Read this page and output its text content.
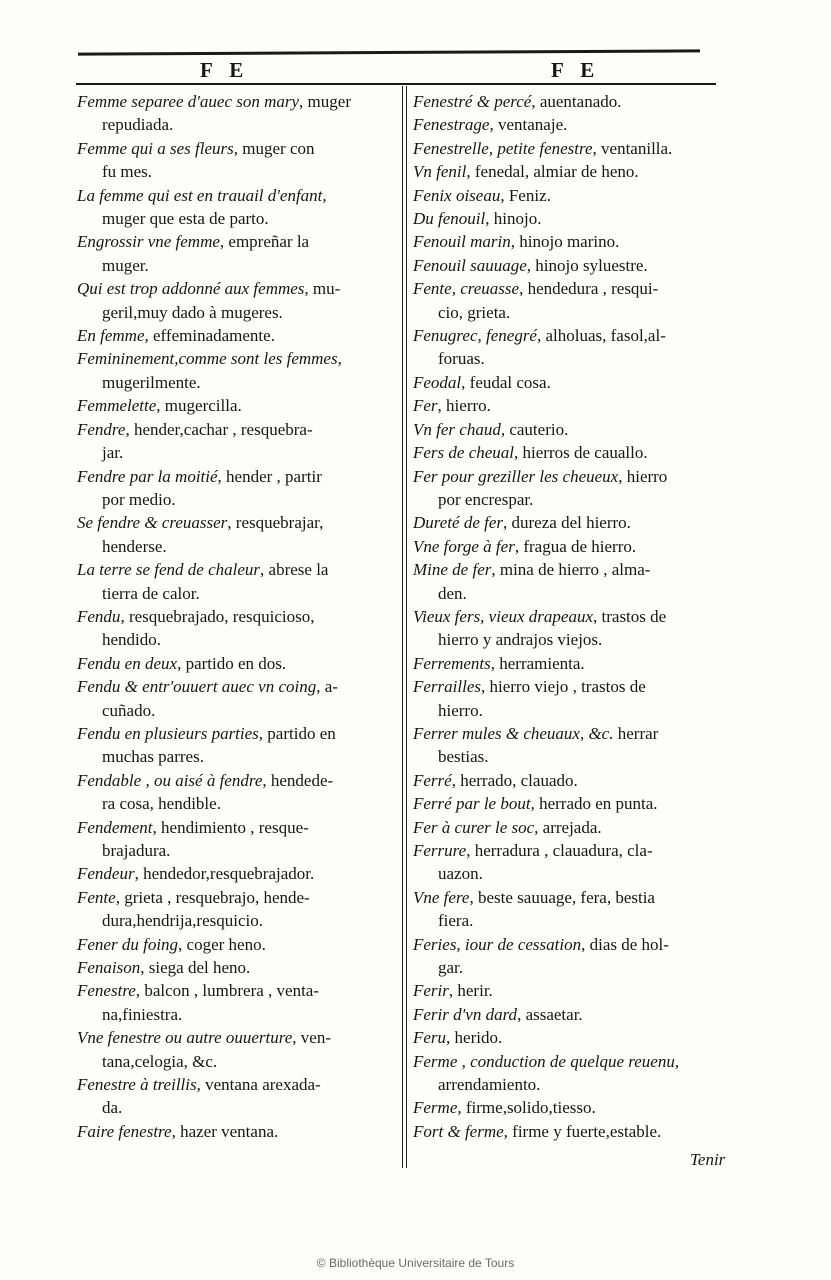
F E	F E

Femme separee d'auec son mary, muger
repudiada.

Femme qui a ses fleurs, muger con
fu mes.

La femme qui est en trauail d'enfant,
muger que esta de parto.

Engrossir vne femme, empreñar la
muger.

Qui est trop addonné aux femmes, mu-
geril,muy dado à mugeres.

En femme, effeminadamente.

Femininement,comme sont les femmes,
mugerilmente.

Femmelette, mugercilla.

Fendre, hender,cachar , resquebra-
jar.

Fendre par la moitié, hender , partir
por medio.

Se fendre & creuasser, resquebrajar,
henderse.

La terre se fend de chaleur, abrese la
tierra de calor.

Fendu, resquebrajado, resquicioso,
hendido.

Fendu en deux, partido en dos.

Fendu & entr'ouuert auec vn coing, a-
cuñado.

Fendu en plusieurs parties, partido en
muchas parres.

Fendable , ou aisé à fendre, hendede-
ra cosa, hendible.

Fendement, hendimiento , resque-
brajadura.

Fendeur, hendedor,resquebrajador.

Fente, grieta , resquebrajo, hende-
dura,hendrija,resquicio.

Fener du foing, coger heno.

Fenaison, siega del heno.

Fenestre, balcon , lumbrera , venta-
na,finiestra.

Vne fenestre ou autre ouuerture, ven-
tana,celogia, &c.

Fenestre à treillis, ventana arexada-
da.

Faire fenestre, hazer ventana.

Fenestré & percé, auentanado.

Fenestrage, ventanaje.

Fenestrelle, petite fenestre, ventanilla.

Vn fenil, fenedal, almiar de heno.

Fenix oiseau, Feniz.

Du fenouil, hinojo.

Fenouil marin, hinojo marino.

Fenouil sauuage, hinojo syluestre.

Fente, creuasse, hendedura , resqui-
cio, grieta.

Fenugrec, fenegré, alholuas, fasol,al-
foruas.

Feodal, feudal cosa.

Fer, hierro.

Vn fer chaud, cauterio.

Fers de cheual, hierros de cauallo.

Fer pour greziller les cheueux, hierro
por encrespar.

Dureté de fer, dureza del hierro.

Vne forge à fer, fragua de hierro.

Mine de fer, mina de hierro , alma-
den.

Vieux fers, vieux drapeaux, trastos de
hierro y andrajos viejos.

Ferrements, herramienta.

Ferrailles, hierro viejo , trastos de
hierro.

Ferrer mules & cheuaux, &c. herrar
bestias.

Ferré, herrado, clauado.

Ferré par le bout, herrado en punta.

Fer à curer le soc, arrejada.

Ferrure, herradura , clauadura, cla-
uazon.

Vne fere, beste sauuage, fera, bestia
fiera.

Feries, iour de cessation, dias de hol-
gar.

Ferir, herir.

Ferir d'vn dard, assaetar.

Feru, herido.

Ferme , conduction de quelque reuenu,
arrendamiento.

Ferme, firme,solido,tiesso.

Fort & ferme, firme y fuerte,estable.

Tenir
© Bibliothèque Universitaire de Tours
